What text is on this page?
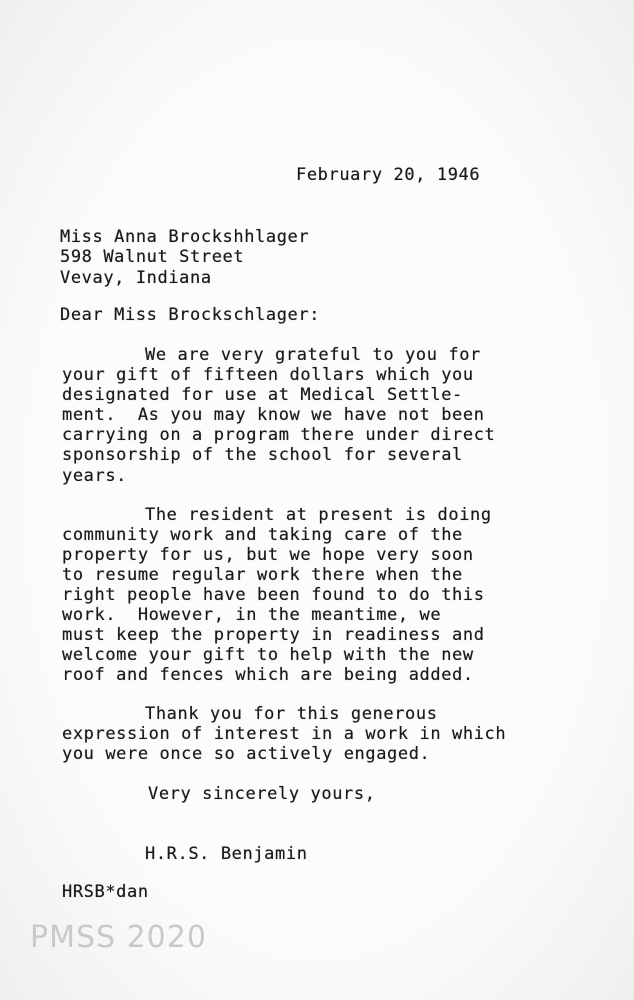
February 20, 1946
Miss Anna Brockshhlager
598 Walnut Street
Vevay, Indiana
Dear Miss Brockschlager:
We are very grateful to you for
your gift of fifteen dollars which you
designated for use at Medical Settle-
ment.  As you may know we have not been
carrying on a program there under direct
sponsorship of the school for several
years.
The resident at present is doing
community work and taking care of the
property for us, but we hope very soon
to resume regular work there when the
right people have been found to do this
work.  However, in the meantime, we
must keep the property in readiness and
welcome your gift to help with the new
roof and fences which are being added.
Thank you for this generous
expression of interest in a work in which
you were once so actively engaged.
Very sincerely yours,
H.R.S. Benjamin
HRSB*dan
PMSS 2020
